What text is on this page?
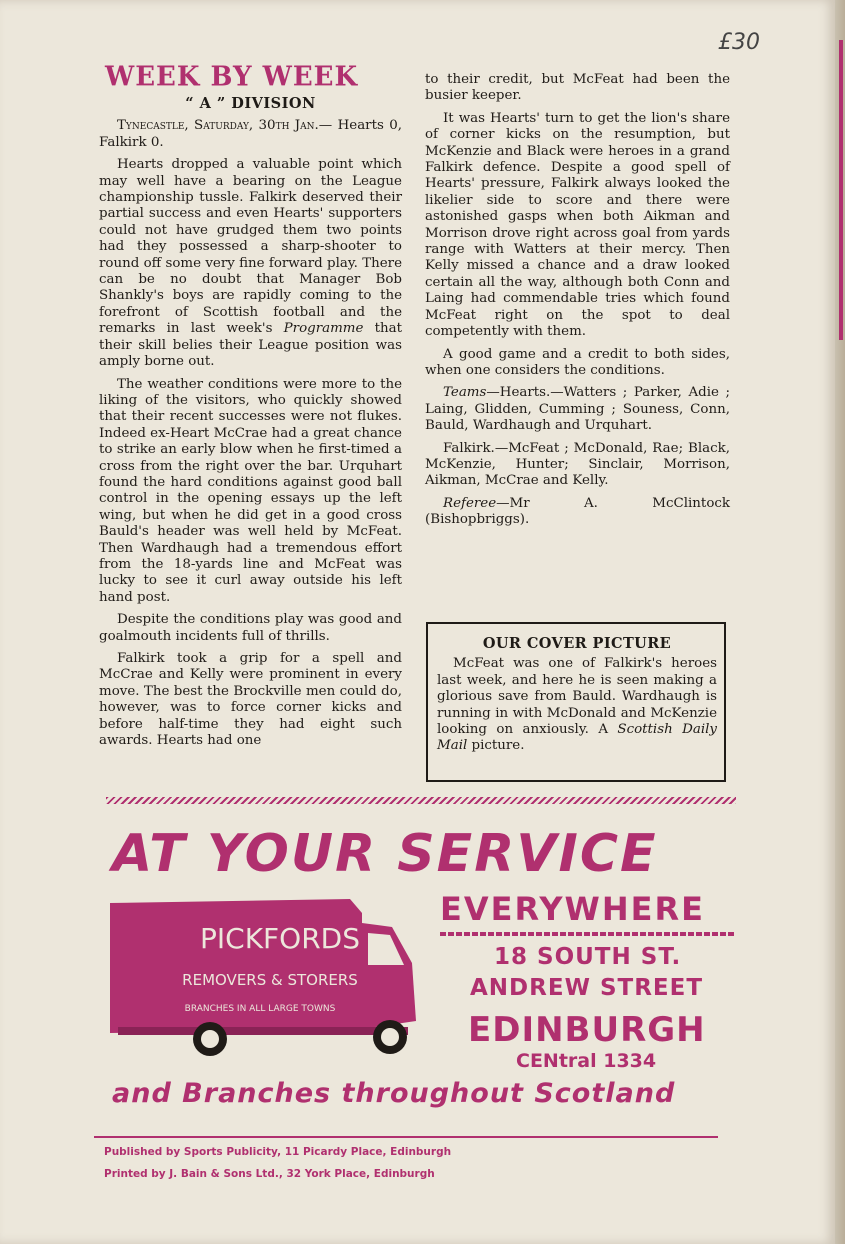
£30
WEEK BY WEEK
“ A ” DIVISION

Tynecastle, Saturday, 30th Jan.— Hearts 0, Falkirk 0.

Hearts dropped a valuable point which may well have a bearing on the League championship tussle. Falkirk deserved their partial success and even Hearts' supporters could not have grudged them two points had they possessed a sharp-shooter to round off some very fine forward play. There can be no doubt that Manager Bob Shankly's boys are rapidly coming to the forefront of Scottish football and the remarks in last week's Programme that their skill belies their League position was amply borne out.

The weather conditions were more to the liking of the visitors, who quickly showed that their recent successes were not flukes. Indeed ex-Heart McCrae had a great chance to strike an early blow when he first-timed a cross from the right over the bar. Urquhart found the hard conditions against good ball control in the opening essays up the left wing, but when he did get in a good cross Bauld's header was well held by McFeat. Then Wardhaugh had a tremendous effort from the 18-yards line and McFeat was lucky to see it curl away outside his left hand post.

Despite the conditions play was good and goalmouth incidents full of thrills.

Falkirk took a grip for a spell and McCrae and Kelly were prominent in every move. The best the Brockville men could do, however, was to force corner kicks and before half-time they had eight such awards. Hearts had one

to their credit, but McFeat had been the busier keeper.

It was Hearts' turn to get the lion's share of corner kicks on the resumption, but McKenzie and Black were heroes in a grand Falkirk defence. Despite a good spell of Hearts' pressure, Falkirk always looked the likelier side to score and there were astonished gasps when both Aikman and Morrison drove right across goal from yards range with Watters at their mercy. Then Kelly missed a chance and a draw looked certain all the way, although both Conn and Laing had commendable tries which found McFeat right on the spot to deal competently with them.

A good game and a credit to both sides, when one considers the conditions.

Teams—Hearts.—Watters ; Parker, Adie ; Laing, Glidden, Cumming ; Souness, Conn, Bauld, Wardhaugh and Urquhart.

Falkirk.—McFeat ; McDonald, Rae; Black, McKenzie, Hunter; Sinclair, Morrison, Aikman, McCrae and Kelly.

Referee—Mr A. McClintock (Bishopbriggs).

OUR COVER PICTURE

McFeat was one of Falkirk's heroes last week, and here he is seen making a glorious save from Bauld. Wardhaugh is running in with McDonald and McKenzie looking on anxiously. A Scottish Daily Mail picture.

AT YOUR SERVICE
PICKFORDS
REMOVERS & STORERS
BRANCHES IN ALL LARGE TOWNS
EVERYWHERE
18 SOUTH ST.
ANDREW STREET
EDINBURGH
CENtral 1334
and Branches throughout Scotland
Published by Sports Publicity, 11 Picardy Place, Edinburgh
Printed by J. Bain & Sons Ltd., 32 York Place, Edinburgh
